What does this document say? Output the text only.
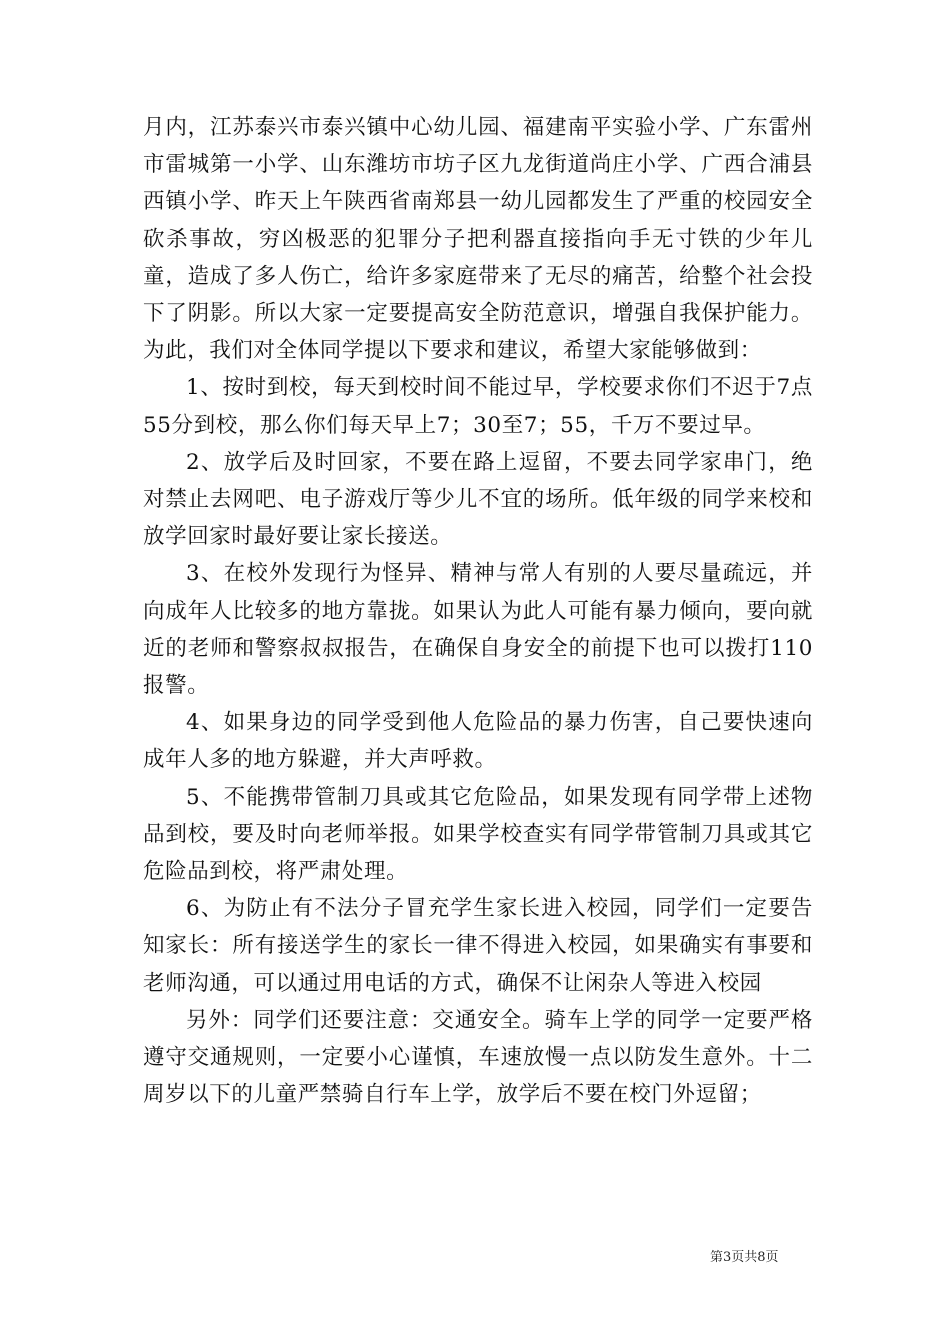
月内，江苏泰兴市泰兴镇中心幼儿园、福建南平实验小学、广东雷州市雷城第一小学、山东潍坊市坊子区九龙街道尚庄小学、广西合浦县西镇小学、昨天上午陕西省南郑县一幼儿园都发生了严重的校园安全砍杀事故，穷凶极恶的犯罪分子把利器直接指向手无寸铁的少年儿童，造成了多人伤亡，给许多家庭带来了无尽的痛苦，给整个社会投下了阴影。所以大家一定要提高安全防范意识，增强自我保护能力。为此，我们对全体同学提以下要求和建议，希望大家能够做到：

1、按时到校，每天到校时间不能过早，学校要求你们不迟于7点55分到校，那么你们每天早上7；30至7；55，千万不要过早。

2、放学后及时回家，不要在路上逗留，不要去同学家串门，绝对禁止去网吧、电子游戏厅等少儿不宜的场所。低年级的同学来校和放学回家时最好要让家长接送。

3、在校外发现行为怪异、精神与常人有别的人要尽量疏远，并向成年人比较多的地方靠拢。如果认为此人可能有暴力倾向，要向就近的老师和警察叔叔报告，在确保自身安全的前提下也可以拨打110报警。

4、如果身边的同学受到他人危险品的暴力伤害，自己要快速向成年人多的地方躲避，并大声呼救。

5、不能携带管制刀具或其它危险品，如果发现有同学带上述物品到校，要及时向老师举报。如果学校查实有同学带管制刀具或其它危险品到校，将严肃处理。

6、为防止有不法分子冒充学生家长进入校园，同学们一定要告知家长：所有接送学生的家长一律不得进入校园，如果确实有事要和老师沟通，可以通过用电话的方式，确保不让闲杂人等进入校园

另外：同学们还要注意：交通安全。骑车上学的同学一定要严格遵守交通规则，一定要小心谨慎，车速放慢一点以防发生意外。十二周岁以下的儿童严禁骑自行车上学，放学后不要在校门外逗留；

第3页共8页
